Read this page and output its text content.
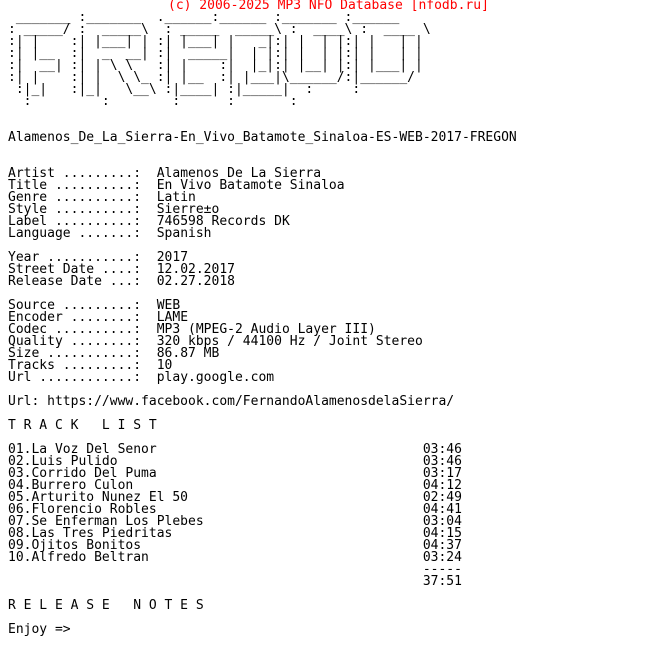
(c) 2006-2025 MP3 NFO Database [nfodb.ru]
_______ :_______  .______:______ :_______ :______
: _____/ :  _____\  : _____  _____\ :  ____\ :  ____ \
:| |    :| |___| | :| |___| |   _|:| |  | |:| |   | |
:| |__  :|  _  __| :|  _____|  | |:| |  | |:| |   | |
:|  __| :| | \ \   :| |    :|  |_|:| |__| |:| |___| |
:| |    :| |  \ \_ :| |__  :| |___|\______/:|______/
:|_|   :|_|   \__\ :|____| :|_____|  :     :
:         :        :      :       :

Alamenos_De_La_Sierra-En_Vivo_Batamote_Sinaloa-ES-WEB-2017-FREGON

Artist .........: Alamenos De La Sierra
Title ..........: En Vivo Batamote Sinaloa
Genre ..........: Latin
Style ..........: Sierre±o
Label ..........: 746598 Records DK
Language .......: Spanish

Year ...........: 2017
Street Date ....: 12.02.2017
Release Date ...: 02.27.2018

Source .........: WEB
Encoder ........: LAME
Codec ..........: MP3 (MPEG-2 Audio Layer III)
Quality ........: 320 kbps / 44100 Hz / Joint Stereo
Size ...........: 86.87 MB
Tracks .........: 10
Url ............: play.google.com

Url: https://www.facebook.com/FernandoAlamenosdelaSierra/

T R A C K   L I S T

01.La Voz Del Senor	03:46
02.Luis Pulido	03:46
03.Corrido Del Puma	03:17
04.Burrero Culon	04:12
05.Arturito Nunez El 50	02:49
06.Florencio Robles	04:41
07.Se Enferman Los Plebes	03:04
08.Las Tres Piedritas	04:15
09.Ojitos Bonitos	04:37
10.Alfredo Beltran	03:24
-----
37:51

R E L E A S E   N O T E S

Enjoy =>
